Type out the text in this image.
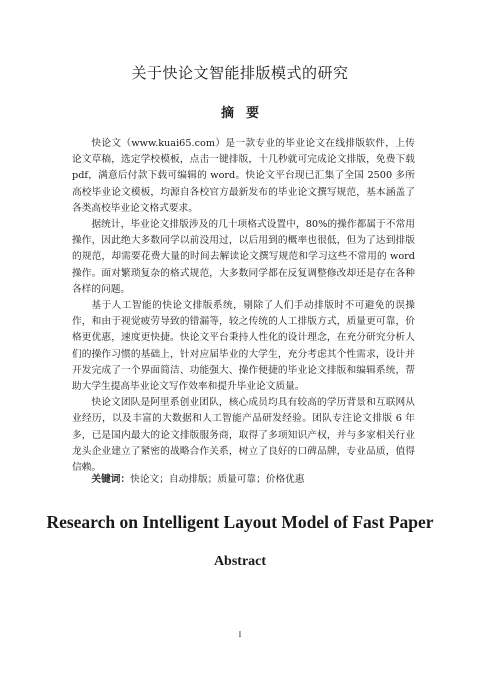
关于快论文智能排版模式的研究
摘要

快论文（www.kuai65.com）是一款专业的毕业论文在线排版软件，上传论文草稿，选定学校模板，点击一键排版，十几秒就可完成论文排版，免费下载 pdf，满意后付款下载可编辑的 word。快论文平台现已汇集了全国 2500 多所高校毕业论文模板，均源自各校官方最新发布的毕业论文撰写规范，基本涵盖了各类高校毕业论文格式要求。

据统计，毕业论文排版涉及的几十项格式设置中，80%的操作都属于不常用操作，因此绝大多数同学以前没用过，以后用到的概率也很低，但为了达到排版的规范，却需要花费大量的时间去解读论文撰写规范和学习这些不常用的 word 操作。面对繁琐复杂的格式规范，大多数同学都在反复调整修改却还是存在各种各样的问题。

基于人工智能的快论文排版系统，剔除了人们手动排版时不可避免的误操作，和由于视觉疲劳导致的错漏等，较之传统的人工排版方式，质量更可靠，价格更优惠，速度更快捷。快论文平台秉持人性化的设计理念，在充分研究分析人们的操作习惯的基础上，针对应届毕业的大学生，充分考虑其个性需求，设计并开发完成了一个界面简洁、功能强大、操作便捷的毕业论文排版和编辑系统，帮助大学生提高毕业论文写作效率和提升毕业论文质量。

快论文团队是阿里系创业团队，核心成员均具有较高的学历背景和互联网从业经历，以及丰富的大数据和人工智能产品研发经验。团队专注论文排版 6 年多，已是国内最大的论文排版服务商，取得了多项知识产权，并与多家相关行业龙头企业建立了紧密的战略合作关系，树立了良好的口碑品牌，专业品质，值得信赖。

关键词：快论文；自动排版；质量可靠；价格优惠
Research on Intelligent Layout Model of Fast Paper
Abstract
I
